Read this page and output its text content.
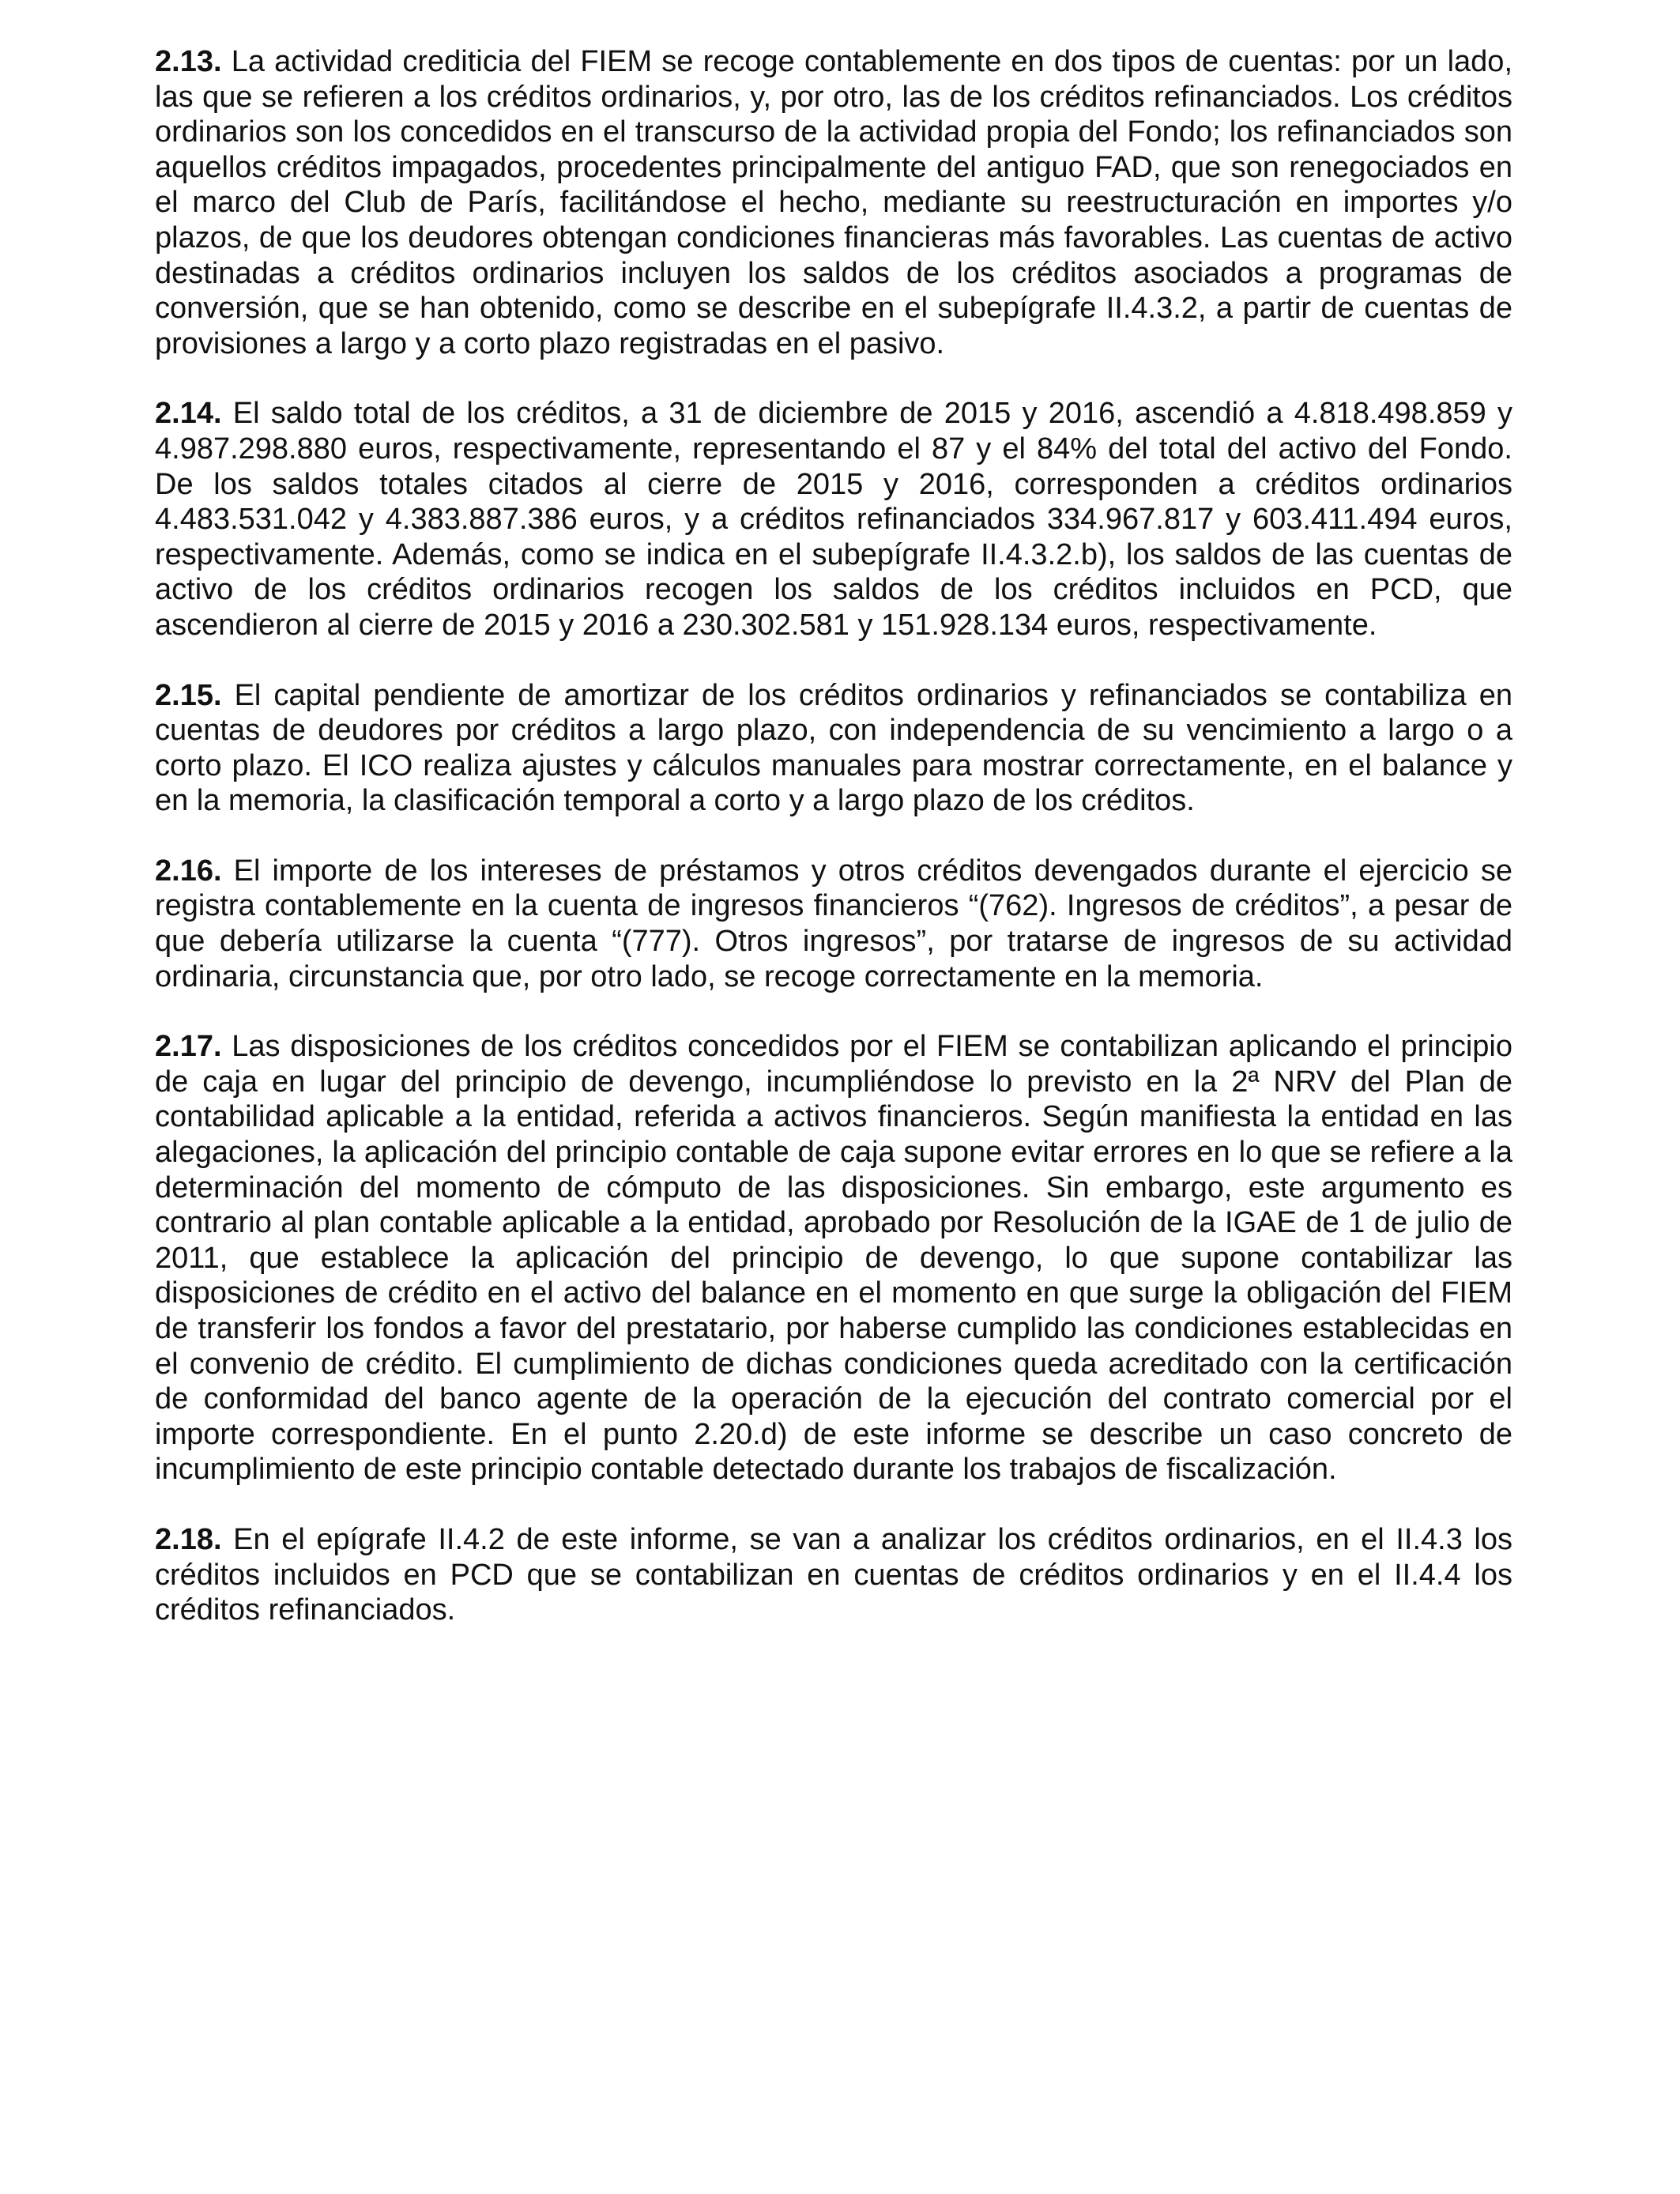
2.13. La actividad crediticia del FIEM se recoge contablemente en dos tipos de cuentas: por un lado, las que se refieren a los créditos ordinarios, y, por otro, las de los créditos refinanciados. Los créditos ordinarios son los concedidos en el transcurso de la actividad propia del Fondo; los refinanciados son aquellos créditos impagados, procedentes principalmente del antiguo FAD, que son renegociados en el marco del Club de París, facilitándose el hecho, mediante su reestructuración en importes y/o plazos, de que los deudores obtengan condiciones financieras más favorables. Las cuentas de activo destinadas a créditos ordinarios incluyen los saldos de los créditos asociados a programas de conversión, que se han obtenido, como se describe en el subepígrafe II.4.3.2, a partir de cuentas de provisiones a largo y a corto plazo registradas en el pasivo.

2.14. El saldo total de los créditos, a 31 de diciembre de 2015 y 2016, ascendió a 4.818.498.859 y 4.987.298.880 euros, respectivamente, representando el 87 y el 84% del total del activo del Fondo. De los saldos totales citados al cierre de 2015 y 2016, corresponden a créditos ordinarios 4.483.531.042 y 4.383.887.386 euros, y a créditos refinanciados 334.967.817 y 603.411.494 euros, respectivamente. Además, como se indica en el subepígrafe II.4.3.2.b), los saldos de las cuentas de activo de los créditos ordinarios recogen los saldos de los créditos incluidos en PCD, que ascendieron al cierre de 2015 y 2016 a 230.302.581 y 151.928.134 euros, respectivamente.

2.15. El capital pendiente de amortizar de los créditos ordinarios y refinanciados se contabiliza en cuentas de deudores por créditos a largo plazo, con independencia de su vencimiento a largo o a corto plazo. El ICO realiza ajustes y cálculos manuales para mostrar correctamente, en el balance y en la memoria, la clasificación temporal a corto y a largo plazo de los créditos.

2.16. El importe de los intereses de préstamos y otros créditos devengados durante el ejercicio se registra contablemente en la cuenta de ingresos financieros “(762). Ingresos de créditos”, a pesar de que debería utilizarse la cuenta “(777). Otros ingresos”, por tratarse de ingresos de su actividad ordinaria, circunstancia que, por otro lado, se recoge correctamente en la memoria.

2.17. Las disposiciones de los créditos concedidos por el FIEM se contabilizan aplicando el principio de caja en lugar del principio de devengo, incumpliéndose lo previsto en la 2ª NRV del Plan de contabilidad aplicable a la entidad, referida a activos financieros. Según manifiesta la entidad en las alegaciones, la aplicación del principio contable de caja supone evitar errores en lo que se refiere a la determinación del momento de cómputo de las disposiciones. Sin embargo, este argumento es contrario al plan contable aplicable a la entidad, aprobado por Resolución de la IGAE de 1 de julio de 2011, que establece la aplicación del principio de devengo, lo que supone contabilizar las disposiciones de crédito en el activo del balance en el momento en que surge la obligación del FIEM de transferir los fondos a favor del prestatario, por haberse cumplido las condiciones establecidas en el convenio de crédito. El cumplimiento de dichas condiciones queda acreditado con la certificación de conformidad del banco agente de la operación de la ejecución del contrato comercial por el importe correspondiente. En el punto 2.20.d) de este informe se describe un caso concreto de incumplimiento de este principio contable detectado durante los trabajos de fiscalización.

2.18. En el epígrafe II.4.2 de este informe, se van a analizar los créditos ordinarios, en el II.4.3 los créditos incluidos en PCD que se contabilizan en cuentas de créditos ordinarios y en el II.4.4 los créditos refinanciados.
